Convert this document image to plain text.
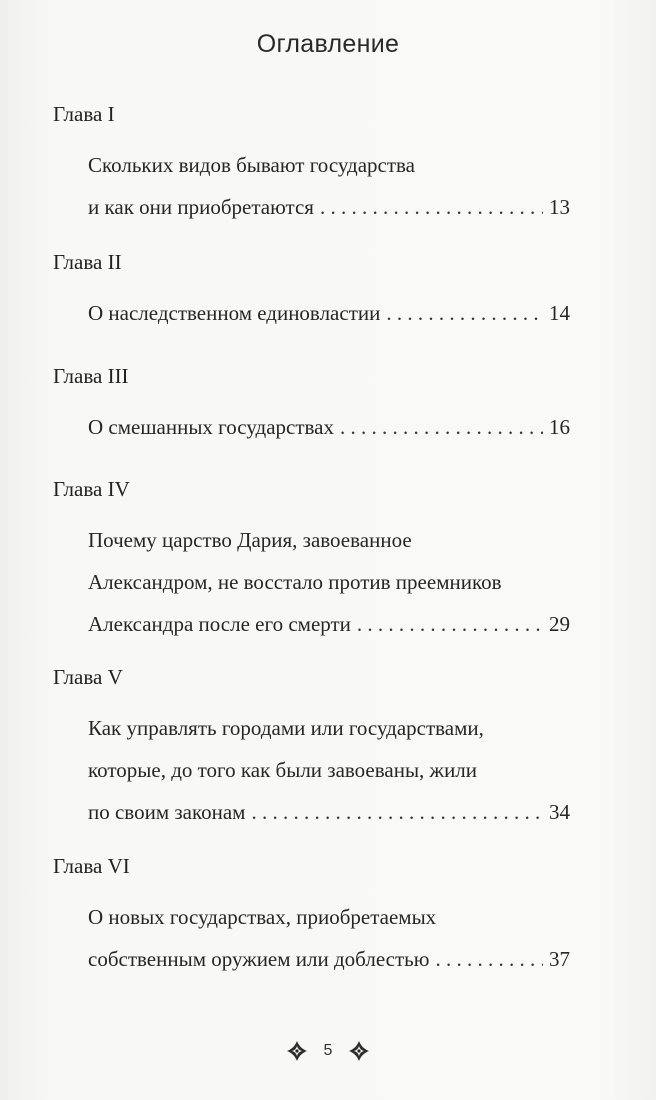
Оглавление
Глава I
Скольких видов бывают государства
и как они приобретаются . . .	13
Глава II
О наследственном единовластии . . .	14
Глава III
О смешанных государствах . . .	16
Глава IV
Почему царство Дария, завоеванное
Александром, не восстало против преемников
Александра после его смерти . . .	29
Глава V
Как управлять городами или государствами,
которые, до того как были завоеваны, жили
по своим законам . . .	34
Глава VI
О новых государствах, приобретаемых
собственным оружием или доблестью . . .	37
5
